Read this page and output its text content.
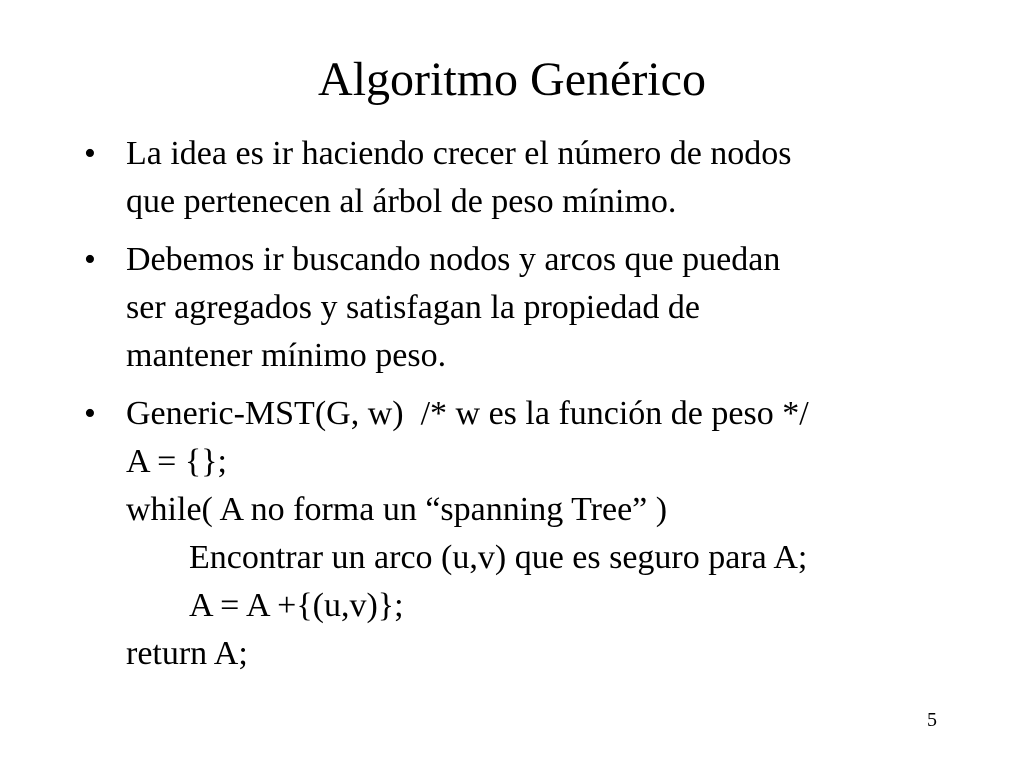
Algoritmo Genérico
• La idea es ir haciendo crecer el número de nodos
que pertenecen al árbol de peso mínimo.
• Debemos ir buscando nodos y arcos que puedan
ser agregados y satisfagan la propiedad de
mantener mínimo peso.
• Generic-MST(G, w)  /* w es la función de peso */
A = {};
while( A no forma un “spanning Tree” )
Encontrar un arco (u,v) que es seguro para A;
A = A +{(u,v)};
return A;
5
